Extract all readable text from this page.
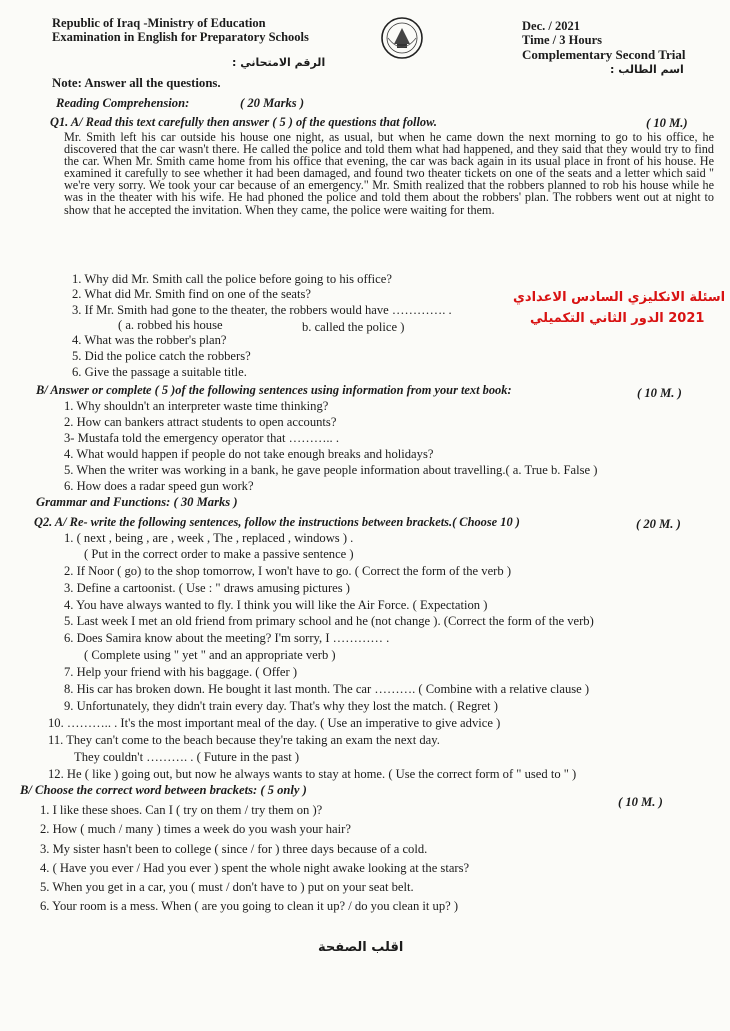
Republic of Iraq -Ministry of Education
Examination in English for Preparatory Schools
Dec. / 2021
Time / 3 Hours
Complementary Second Trial
الرقم الامتحاني :
اسم الطالب :
Note: Answer all the questions.
Reading Comprehension:	( 20 Marks )
Q1. A/ Read this text carefully then answer ( 5 ) of the questions that follow.	( 10 M.)
Mr. Smith left his car outside his house one night, as usual, but when he came down the next morning to go to his office, he discovered that the car wasn't there. He called the police and told them what had happened, and they said that they would try to find the car. When Mr. Smith came home from his office that evening, the car was back again in its usual place in front of his house. He examined it carefully to see whether it had been damaged, and found two theater tickets on one of the seats and a letter which said " we're very sorry. We took your car because of an emergency." Mr. Smith realized that the robbers planned to rob his house while he was in the theater with his wife. He had phoned the police and told them about the robbers' plan. The robbers went out at night to show that he accepted the invitation. When they came, the police were waiting for them.
1. Why did Mr. Smith call the police before going to his office?
2. What did Mr. Smith find on one of the seats?
3. If Mr. Smith had gone to the theater, the robbers would have …………. .
( a. robbed his house	b. called the police )
4. What was the robber's plan?
5. Did the police catch the robbers?
6. Give the passage a suitable title.
اسئلة الانكليزي السادس الاعدادي
2021 الدور الثاني التكميلي
B/ Answer or complete ( 5 )of the following sentences using information from your text book:	( 10 M. )
1. Why shouldn't an interpreter waste time thinking?
2. How can bankers attract students to open accounts?
3- Mustafa told the emergency operator that ……….. .
4. What would happen if people do not take enough breaks and holidays?
5. When the writer was working in a bank, he gave people information about travelling.( a. True b. False )
6. How does a radar speed gun work?
Grammar and Functions: ( 30 Marks )
Q2. A/ Re- write the following sentences, follow the instructions between brackets.( Choose 10 )	( 20 M. )
1. ( next , being , are , week , The , replaced , windows ) .
( Put in the correct order to make a passive sentence )
2. If Noor ( go) to the shop tomorrow, I won't have to go. ( Correct the form of the verb )
3. Define a cartoonist. ( Use : " draws amusing pictures )
4. You have always wanted to fly. I think you will like the Air Force. ( Expectation )
5. Last week I met an old friend from primary school and he (not change ). (Correct the form of the verb)
6. Does Samira know about the meeting? I'm sorry, I ………… .
( Complete using " yet " and an appropriate verb )
7. Help your friend with his baggage. ( Offer )
8. His car has broken down. He bought it last month. The car ………. ( Combine with a relative clause )
9. Unfortunately, they didn't train every day. That's why they lost the match. ( Regret )
10. ……….. . It's the most important meal of the day. ( Use an imperative to give advice )
11. They can't come to the beach because they're taking an exam the next day.
They couldn't ………. . ( Future in the past )
12. He ( like ) going out, but now he always wants to stay at home. ( Use the correct form of " used to " )
B/ Choose the correct word between brackets: ( 5 only )
( 10 M. )
1. I like these shoes. Can I ( try on them / try them on )?
2. How ( much / many ) times a week do you wash your hair?
3. My sister hasn't been to college ( since / for ) three days because of a cold.
4. ( Have you ever / Had you ever ) spent the whole night awake looking at the stars?
5. When you get in a car, you ( must / don't have to ) put on your seat belt.
6. Your room is a mess. When ( are you going to clean it up? / do you clean it up? )
اقلب الصفحة
